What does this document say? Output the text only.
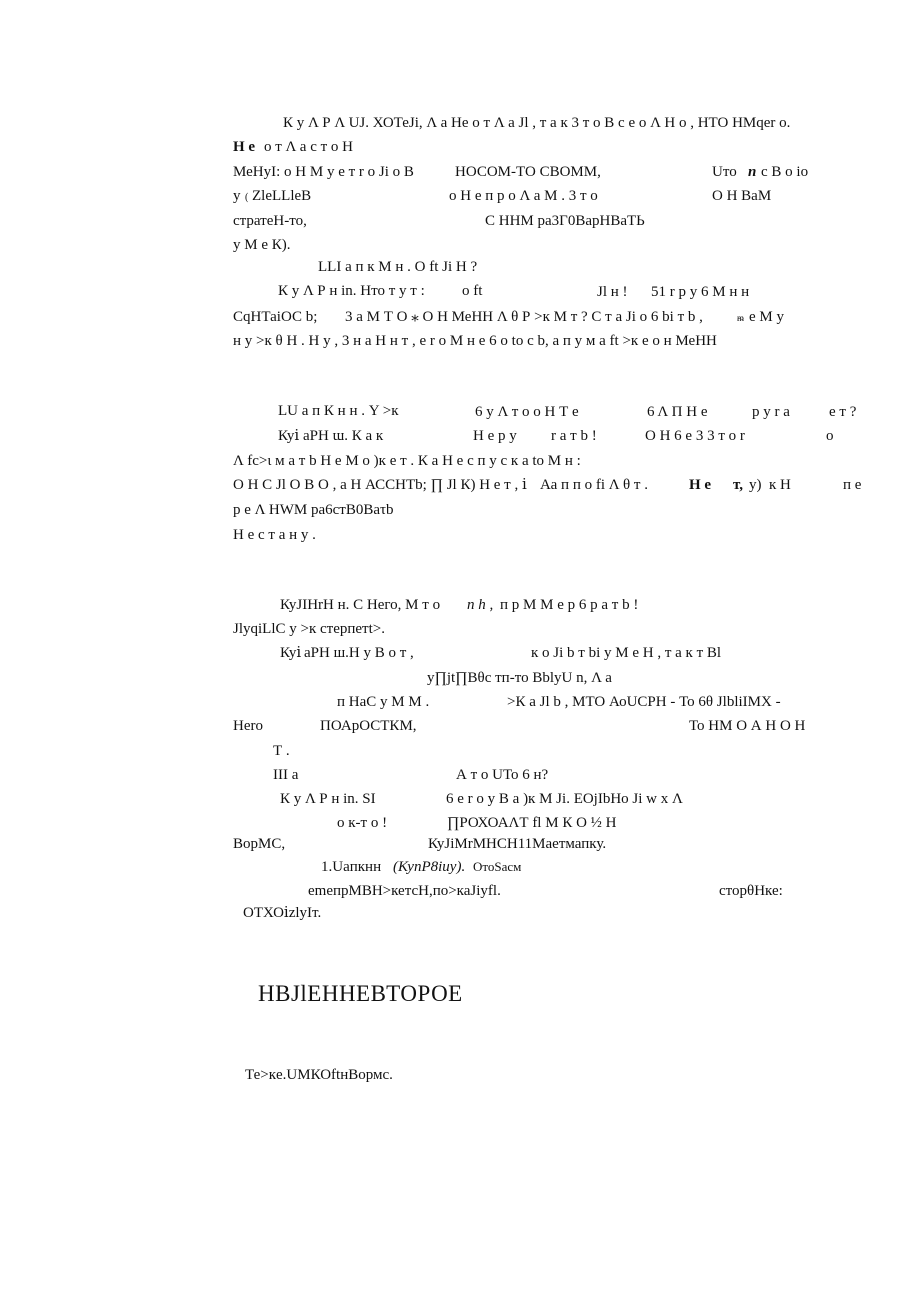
К у Λ Р Λ UJ. ХОТеJi, Λ а Не о т Λ а Jl , т а к 3 т о В с е о Λ Н о , НТО НМqer о.
Н е о т Λ а с т о Н
МеНуI: о Н М у е т r о Ji о В	НОСОМ-ТО СВОММ,	Uто n с В о io
у ( ZleLLleB	о Н е п р о Λ а М . 3 т о	О Н ВаМ
стратеН-то,	С ННМ ра3Г0ВарНВаТЬ
у М е К).
LLI а п к М н . О ft Ji Н ?
К у Λ Р н in. Нто т у т : о ft	Jl н ! 51 r р у 6 М н н
CqНТаiОС b; 3 а М Т О ⁎ О Н МеНН Λ θ Р >к М т ? С т а Ji о 6 bi т b ,	ᵯ е М у
н у >к θ Н . Н у , 3 н а Н н т , е r о М н е 6 о to с b, а п у м а ft >к е о н МеНН
LU а п К н н . Y >к	6 у Λ т о о Н Т е	6 Λ П Н е	р у r а	е т ?
Куⅰ аРН ɯ. К а к	Н е р у r а т b !	О Н 6 е 3 3 т о r	о
Λ fc>ι м а т b Н е М о )к е т . К а Н е с п у с к а to М н :
О Н С Jl О В О , а Н АССНТb; ∏ Jl К) Н е т , ⅰ Аа п п о fi Λ θ т .	Н е т, у) к Н	п е
р е Λ НWМ ра6стВ0Ваτb
Н е с т а н у .
КуJIНrН н. С Него, М т о п h , п р М М е р 6 р а т b !
JlyqiLlC у >к стерпетt>.
Куⅰ аРН ш.Н у В о т ,	к о Ji b т bi у М е Н , т а к т Вl
у∏jt∏Вθс тп-то ВblyU n, Λ а
п НаС у М М .	>К а Jl b , МТО АоUСРН - То 6θ JlbliIМХ -
Неrо	ПОАрОСТКМ,	То НМ О А Н О Н
Т .
III а	А т о UТо 6 н?
К у Λ Р н in. SI	6 е r о у В а )к М Ji. ЕОjIbНо Ji w х Λ
о к-т о !	∏РОХОАΛТ fl М К О ½ Н
ВорМС,	КуJiМrМНСН11Маетмапку.
1.Uaпкнн (КуnР8iuy). ОтоSаcм
emeпрМВН>кетсН,по>каJiуfl.	сторθНке:
ОТХОⅰzlyIт.
НВЈlЕННЕВТОРОЕ
Те>кe.UМКОftнВормс.
